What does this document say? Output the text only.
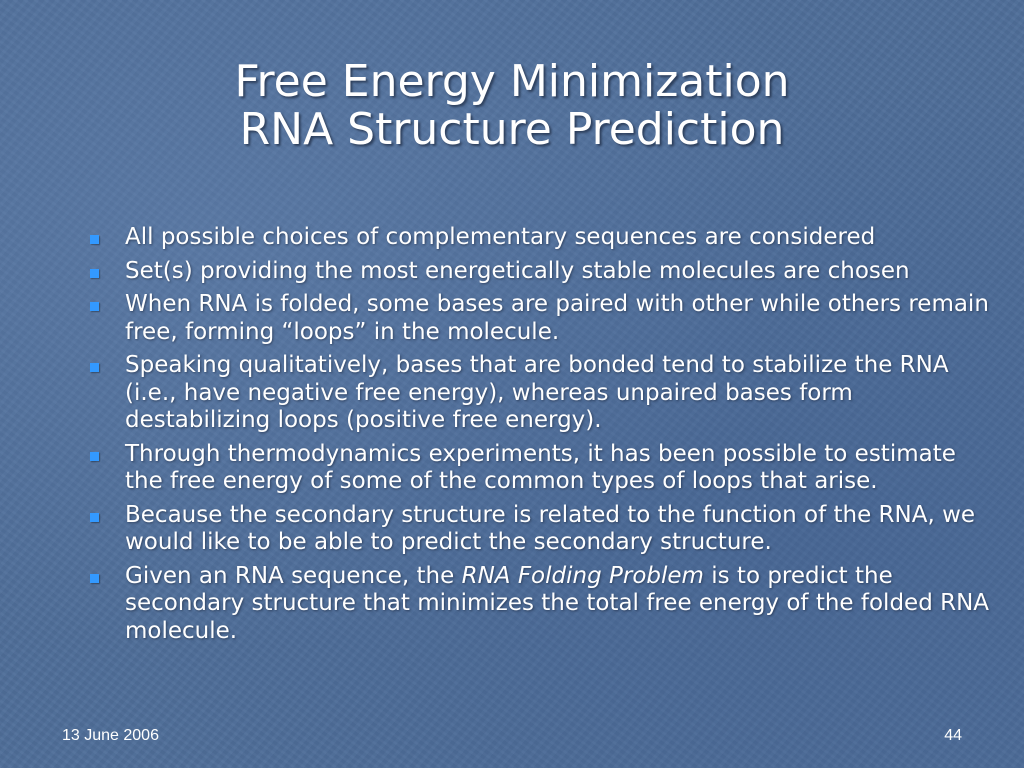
Free Energy Minimization
RNA Structure Prediction
All possible choices of complementary sequences are considered
Set(s) providing the most energetically stable molecules are chosen
When RNA is folded, some bases are paired with other while others remain free, forming “loops” in the molecule.
Speaking qualitatively, bases that are bonded tend to stabilize the RNA (i.e., have negative free energy), whereas unpaired bases form destabilizing loops (positive free energy).
Through thermodynamics experiments, it has been possible to estimate the free energy of some of the common types of loops that arise.
Because the secondary structure is related to the function of the RNA, we would like to be able to predict the secondary structure.
Given an RNA sequence, the RNA Folding Problem is to predict the secondary structure that minimizes the total free energy of the folded RNA molecule.
13 June 2006	44
